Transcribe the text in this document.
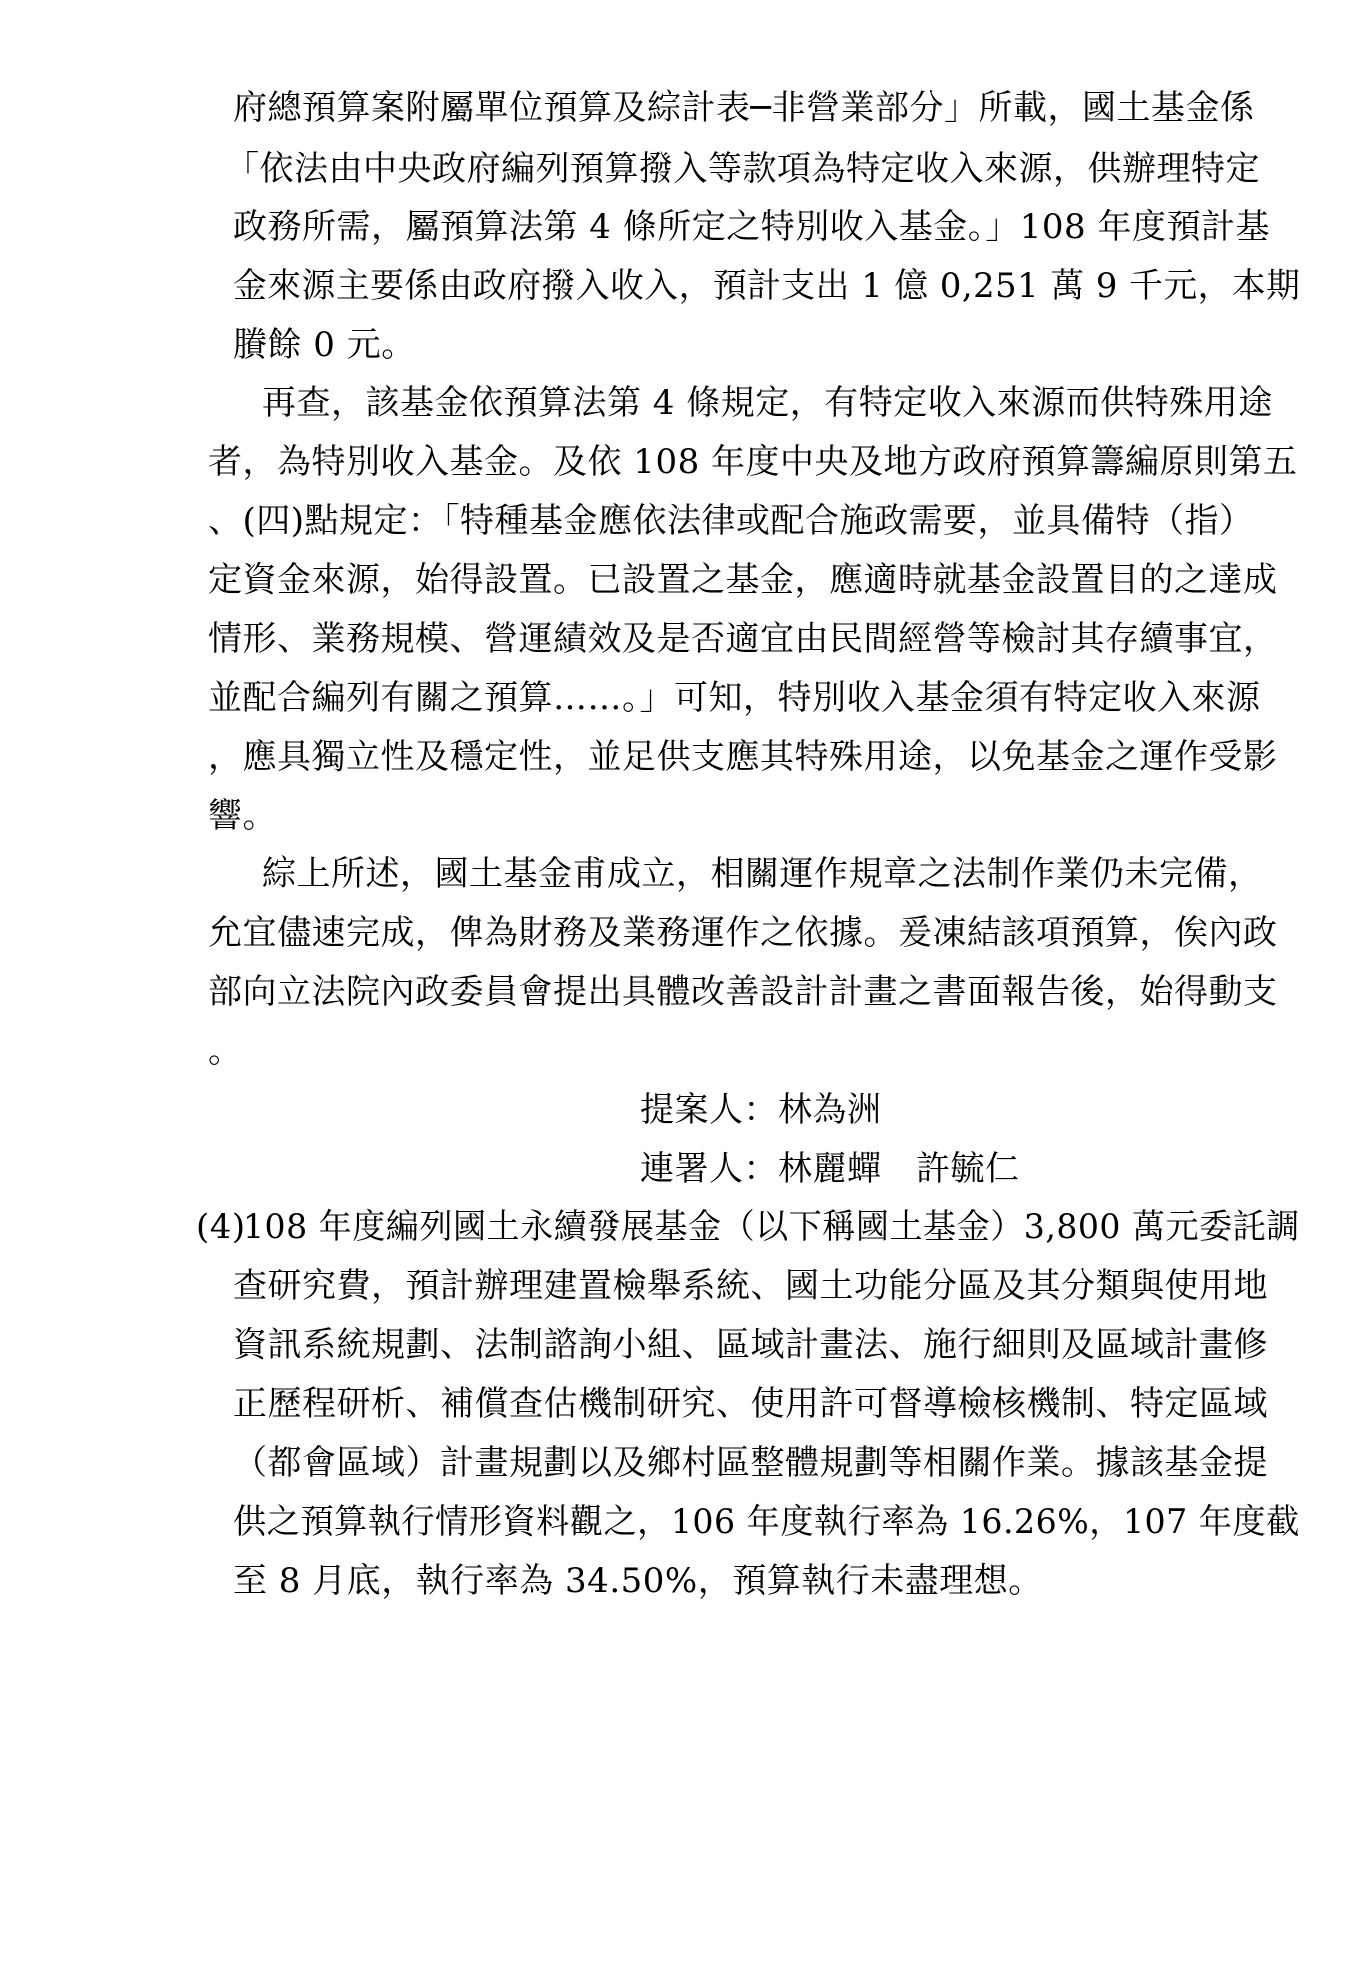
府總預算案附屬單位預算及綜計表─非營業部分」所載，國土基金係
「依法由中央政府編列預算撥入等款項為特定收入來源，供辦理特定
政務所需，屬預算法第 4 條所定之特別收入基金。」108 年度預計基
金來源主要係由政府撥入收入，預計支出 1 億 0,251 萬 9 千元，本期
賸餘 0 元。
再查，該基金依預算法第 4 條規定，有特定收入來源而供特殊用途
者，為特別收入基金。及依 108 年度中央及地方政府預算籌編原則第五
、(四)點規定：「特種基金應依法律或配合施政需要，並具備特（指）
定資金來源，始得設置。已設置之基金，應適時就基金設置目的之達成
情形、業務規模、營運績效及是否適宜由民間經營等檢討其存續事宜，
並配合編列有關之預算……。」可知，特別收入基金須有特定收入來源
，應具獨立性及穩定性，並足供支應其特殊用途，以免基金之運作受影
響。
綜上所述，國土基金甫成立，相關運作規章之法制作業仍未完備，
允宜儘速完成，俾為財務及業務運作之依據。爰凍結該項預算，俟內政
部向立法院內政委員會提出具體改善設計計畫之書面報告後，始得動支
。
提案人：林為洲
連署人：林麗蟬　許毓仁
(4)
108 年度編列國土永續發展基金（以下稱國土基金）3,800 萬元委託調
查研究費，預計辦理建置檢舉系統、國土功能分區及其分類與使用地
資訊系統規劃、法制諮詢小組、區域計畫法、施行細則及區域計畫修
正歷程研析、補償查估機制研究、使用許可督導檢核機制、特定區域
（都會區域）計畫規劃以及鄉村區整體規劃等相關作業。據該基金提
供之預算執行情形資料觀之，106 年度執行率為 16.26%，107 年度截
至 8 月底，執行率為 34.50%，預算執行未盡理想。
